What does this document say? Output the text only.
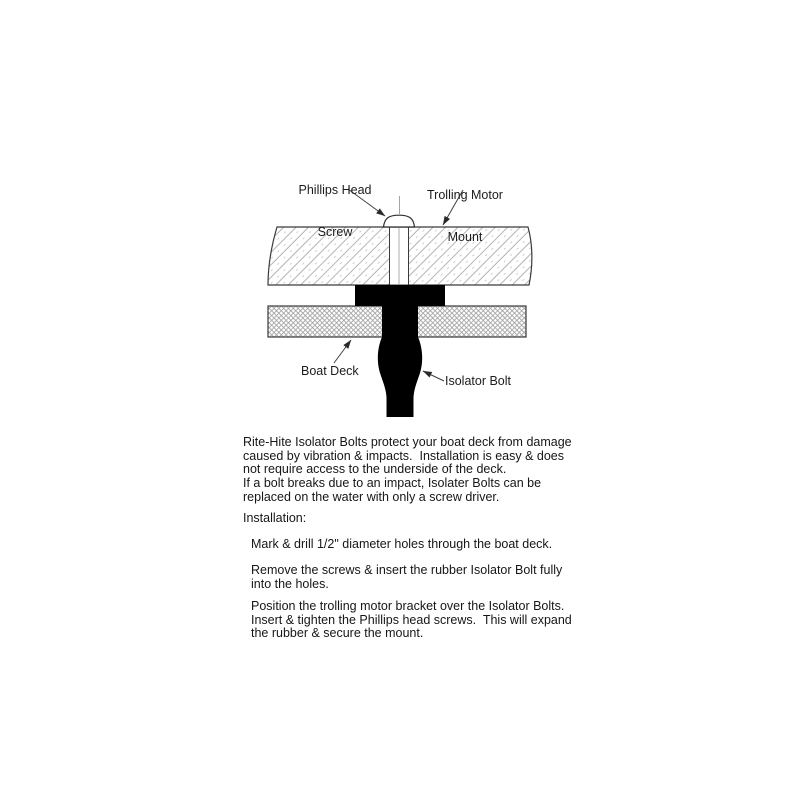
Phillips Head

Screw

Trolling Motor

Mount

Boat Deck
Isolator Bolt
Rite-Hite Isolator Bolts protect your boat deck from damage
caused by vibration & impacts.  Installation is easy & does
not require access to the underside of the deck.
If a bolt breaks due to an impact, Isolater Bolts can be
replaced on the water with only a screw driver.
Installation:
Mark & drill 1/2" diameter holes through the boat deck.
Remove the screws & insert the rubber Isolator Bolt fully
into the holes.
Position the trolling motor bracket over the Isolator Bolts.
Insert & tighten the Phillips head screws.  This will expand
the rubber & secure the mount.
